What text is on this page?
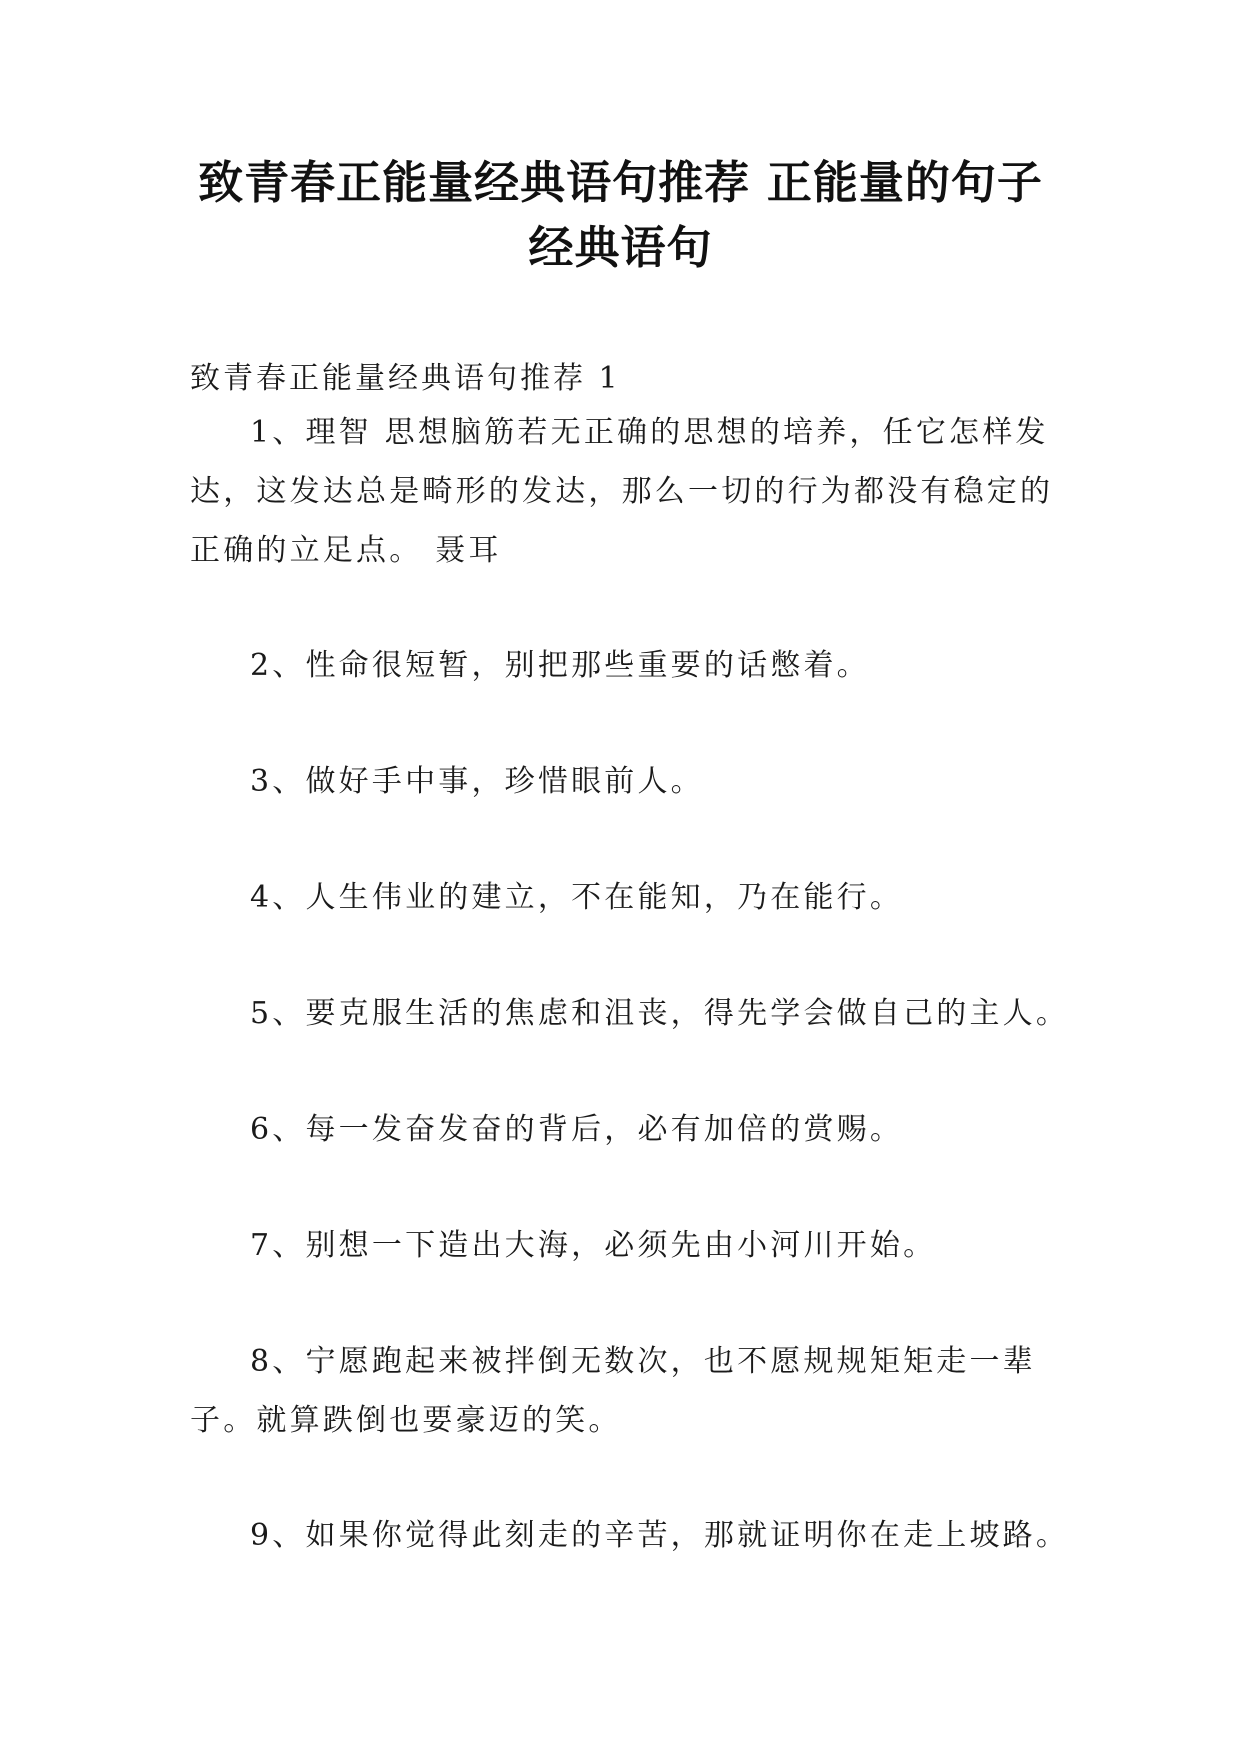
致青春正能量经典语句推荐 正能量的句子
经典语句
致青春正能量经典语句推荐 1
1、理智 思想脑筋若无正确的思想的培养，任它怎样发达，这发达总是畸形的发达，那么一切的行为都没有稳定的正确的立足点。 聂耳
2、性命很短暂，别把那些重要的话憋着。
3、做好手中事，珍惜眼前人。
4、人生伟业的建立，不在能知，乃在能行。
5、要克服生活的焦虑和沮丧，得先学会做自己的主人。
6、每一发奋发奋的背后，必有加倍的赏赐。
7、别想一下造出大海，必须先由小河川开始。
8、宁愿跑起来被拌倒无数次，也不愿规规矩矩走一辈子。就算跌倒也要豪迈的笑。
9、如果你觉得此刻走的辛苦，那就证明你在走上坡路。
